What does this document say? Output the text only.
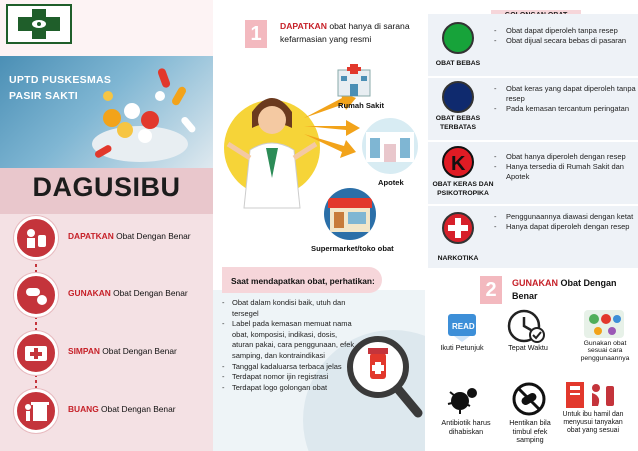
UPTD PUSKESMAS
PASIR SAKTI
DAGUSIBU
DAPATKAN Obat Dengan Benar
GUNAKAN Obat Dengan Benar
SIMPAN Obat Dengan Benar
BUANG Obat Dengan Benar
1	DAPATKAN obat hanya di sarana kefarmasian yang resmi
Rumah Sakit
Apotek
Supermarket/toko obat
Saat mendapatkan obat, perhatikan:
- Obat dalam kondisi baik, utuh dan tersegel
- Label pada kemasan memuat nama obat, komposisi, indikasi, dosis, aturan pakai, cara penggunaan, efek samping, dan kontraindikasi
- Tanggal kadaluarsa terbaca jelas
- Terdapat nomor ijin registrasi
- Terdapat logo golongan obat
OBAT BEBAS
- Obat dapat diperoleh tanpa resep
- Obat dijual secara bebas di pasaran
OBAT BEBAS TERBATAS
- Obat keras yang dapat diperoleh tanpa resep
- Pada kemasan tercantum peringatan
K
OBAT KERAS DAN PSIKOTROPIKA
- Obat hanya diperoleh dengan resep
- Hanya tersedia di Rumah Sakit dan Apotek
NARKOTIKA
- Penggunaannya diawasi dengan ketat
- Hanya dapat diperoleh dengan resep
2	GUNAKAN Obat Dengan Benar
READ
Ikuti Petunjuk	Tepat Waktu	Gunakan obat sesuai cara penggunaannya
Antibiotik harus dihabiskan
Hentikan bila timbul efek samping
Untuk ibu hamil dan menyusui tanyakan obat yang sesuai
